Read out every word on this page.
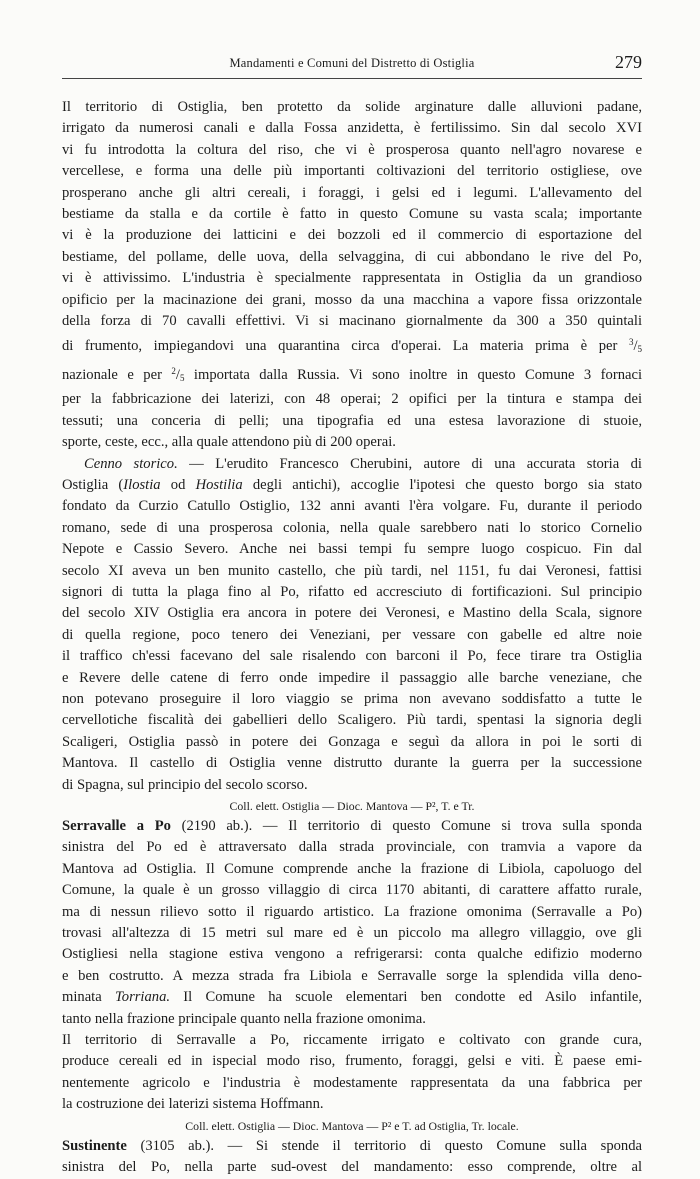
Mandamenti e Comuni del Distretto di Ostiglia	279
Il territorio di Ostiglia, ben protetto da solide arginature dalle alluvioni padane,
irrigato da numerosi canali e dalla Fossa anzidetta, è fertilissimo. Sin dal secolo XVI
vi fu introdotta la coltura del riso, che vi è prosperosa quanto nell'agro novarese e
vercellese, e forma una delle più importanti coltivazioni del territorio ostigliese, ove
prosperano anche gli altri cereali, i foraggi, i gelsi ed i legumi. L'allevamento del
bestiame da stalla e da cortile è fatto in questo Comune su vasta scala; importante
vi è la produzione dei latticini e dei bozzoli ed il commercio di esportazione del
bestiame, del pollame, delle uova, della selvaggina, di cui abbondano le rive del Po,
vi è attivissimo. L'industria è specialmente rappresentata in Ostiglia da un grandioso
opificio per la macinazione dei grani, mosso da una macchina a vapore fissa orizzontale
della forza di 70 cavalli effettivi. Vi si macinano giornalmente da 300 a 350 quintali
di frumento, impiegandovi una quarantina circa d'operai. La materia prima è per $^3$/5
nazionale e per $^2$/5 importata dalla Russia. Vi sono inoltre in questo Comune 3 fornaci
per la fabbricazione dei laterizi, con 48 operai; 2 opifici per la tintura e stampa dei
tessuti; una conceria di pelli; una tipografia ed una estesa lavorazione di stuoie,
sporte, ceste, ecc., alla quale attendono più di 200 operai.
Cenno storico. — L'erudito Francesco Cherubini, autore di una accurata storia di
Ostiglia (Ilostia od Hostilia degli antichi), accoglie l'ipotesi che questo borgo sia stato
fondato da Curzio Catullo Ostiglio, 132 anni avanti l'èra volgare. Fu, durante il periodo
romano, sede di una prosperosa colonia, nella quale sarebbero nati lo storico Cornelio
Nepote e Cassio Severo. Anche nei bassi tempi fu sempre luogo cospicuo. Fin dal
secolo XI aveva un ben munito castello, che più tardi, nel 1151, fu dai Veronesi, fattisi
signori di tutta la plaga fino al Po, rifatto ed accresciuto di fortificazioni. Sul principio
del secolo XIV Ostiglia era ancora in potere dei Veronesi, e Mastino della Scala, signore
di quella regione, poco tenero dei Veneziani, per vessare con gabelle ed altre noie
il traffico ch'essi facevano del sale risalendo con barconi il Po, fece tirare tra Ostiglia
e Revere delle catene di ferro onde impedire il passaggio alle barche veneziane, che
non potevano proseguire il loro viaggio se prima non avevano soddisfatto a tutte le
cervellotiche fiscalità dei gabellieri dello Scaligero. Più tardi, spentasi la signoria degli
Scaligeri, Ostiglia passò in potere dei Gonzaga e seguì da allora in poi le sorti di
Mantova. Il castello di Ostiglia venne distrutto durante la guerra per la successione
di Spagna, sul principio del secolo scorso.

Coll. elett. Ostiglia — Dioc. Mantova — P², T. e Tr.

Serravalle a Po (2190 ab.). — Il territorio di questo Comune si trova sulla sponda
sinistra del Po ed è attraversato dalla strada provinciale, con tramvia a vapore da
Mantova ad Ostiglia. Il Comune comprende anche la frazione di Libiola, capoluogo del
Comune, la quale è un grosso villaggio di circa 1170 abitanti, di carattere affatto rurale,
ma di nessun rilievo sotto il riguardo artistico. La frazione omonima (Serravalle a Po)
trovasi all'altezza di 15 metri sul mare ed è un piccolo ma allegro villaggio, ove gli
Ostigliesi nella stagione estiva vengono a refrigerarsi: conta qualche edifizio moderno
e ben costrutto. A mezza strada fra Libiola e Serravalle sorge la splendida villa deno-
minata Torriana. Il Comune ha scuole elementari ben condotte ed Asilo infantile,
tanto nella frazione principale quanto nella frazione omonima.
Il territorio di Serravalle a Po, riccamente irrigato e coltivato con grande cura,
produce cereali ed in ispecial modo riso, frumento, foraggi, gelsi e viti. È paese emi-
nentemente agricolo e l'industria è modestamente rappresentata da una fabbrica per
la costruzione dei laterizi sistema Hoffmann.

Coll. elett. Ostiglia — Dioc. Mantova — P² e T. ad Ostiglia, Tr. locale.

Sustinente (3105 ab.). — Si stende il territorio di questo Comune sulla sponda
sinistra del Po, nella parte sud-ovest del mandamento: esso comprende, oltre al
